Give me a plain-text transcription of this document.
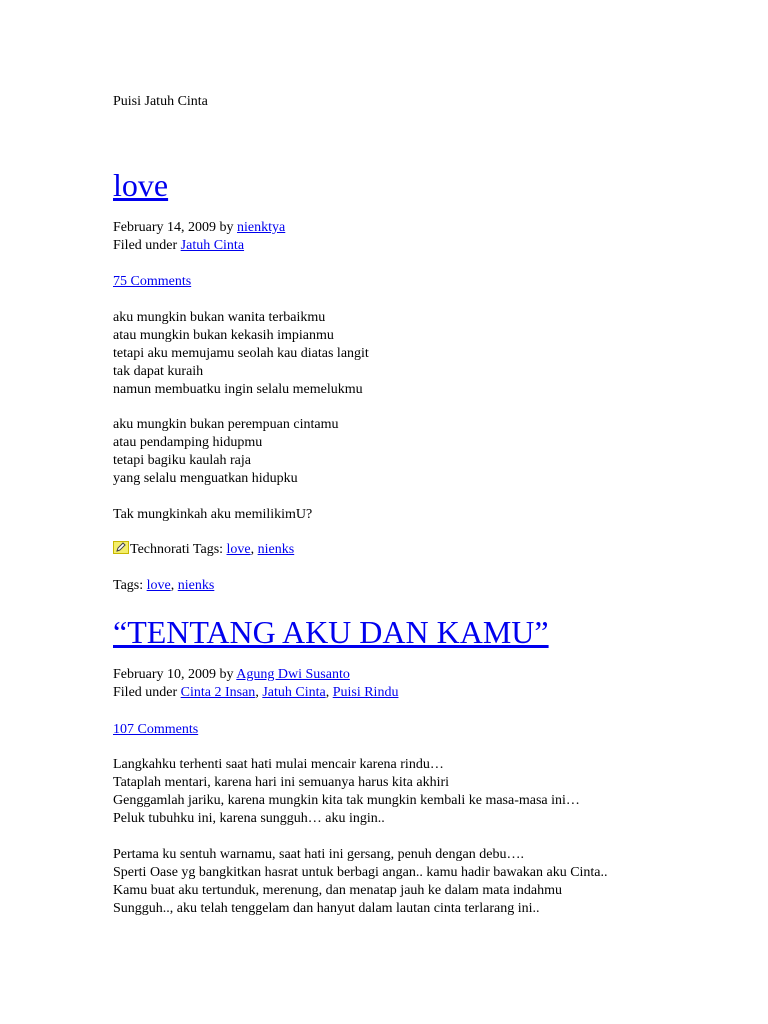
Puisi Jatuh Cinta

love

February 14, 2009 by nienktya

Filed under Jatuh Cinta

75 Comments
aku mungkin bukan wanita terbaikmu
atau mungkin bukan kekasih impianmu
tetapi aku memujamu seolah kau diatas langit
tak dapat kuraih
namun membuatku ingin selalu memelukmu
aku mungkin bukan perempuan cintamu
atau pendamping hidupmu
tetapi bagiku kaulah raja
yang selalu menguatkan hidupku
Tak mungkinkah aku memilikimU?
Technorati Tags: love, nienks
Tags: love, nienks
“TENTANG AKU DAN KAMU”

February 10, 2009 by Agung Dwi Susanto

Filed under Cinta 2 Insan, Jatuh Cinta, Puisi Rindu

107 Comments
Langkahku terhenti saat hati mulai mencair karena rindu…
Tataplah mentari, karena hari ini semuanya harus kita akhiri
Genggamlah jariku, karena mungkin kita tak mungkin kembali ke masa-masa ini…
Peluk tubuhku ini, karena sungguh… aku ingin..
Pertama ku sentuh warnamu, saat hati ini gersang, penuh dengan debu….
Sperti Oase yg bangkitkan hasrat untuk berbagi angan.. kamu hadir bawakan aku Cinta..
Kamu buat aku tertunduk, merenung, dan menatap jauh ke dalam mata indahmu
Sungguh.., aku telah tenggelam dan hanyut dalam lautan cinta terlarang ini..
